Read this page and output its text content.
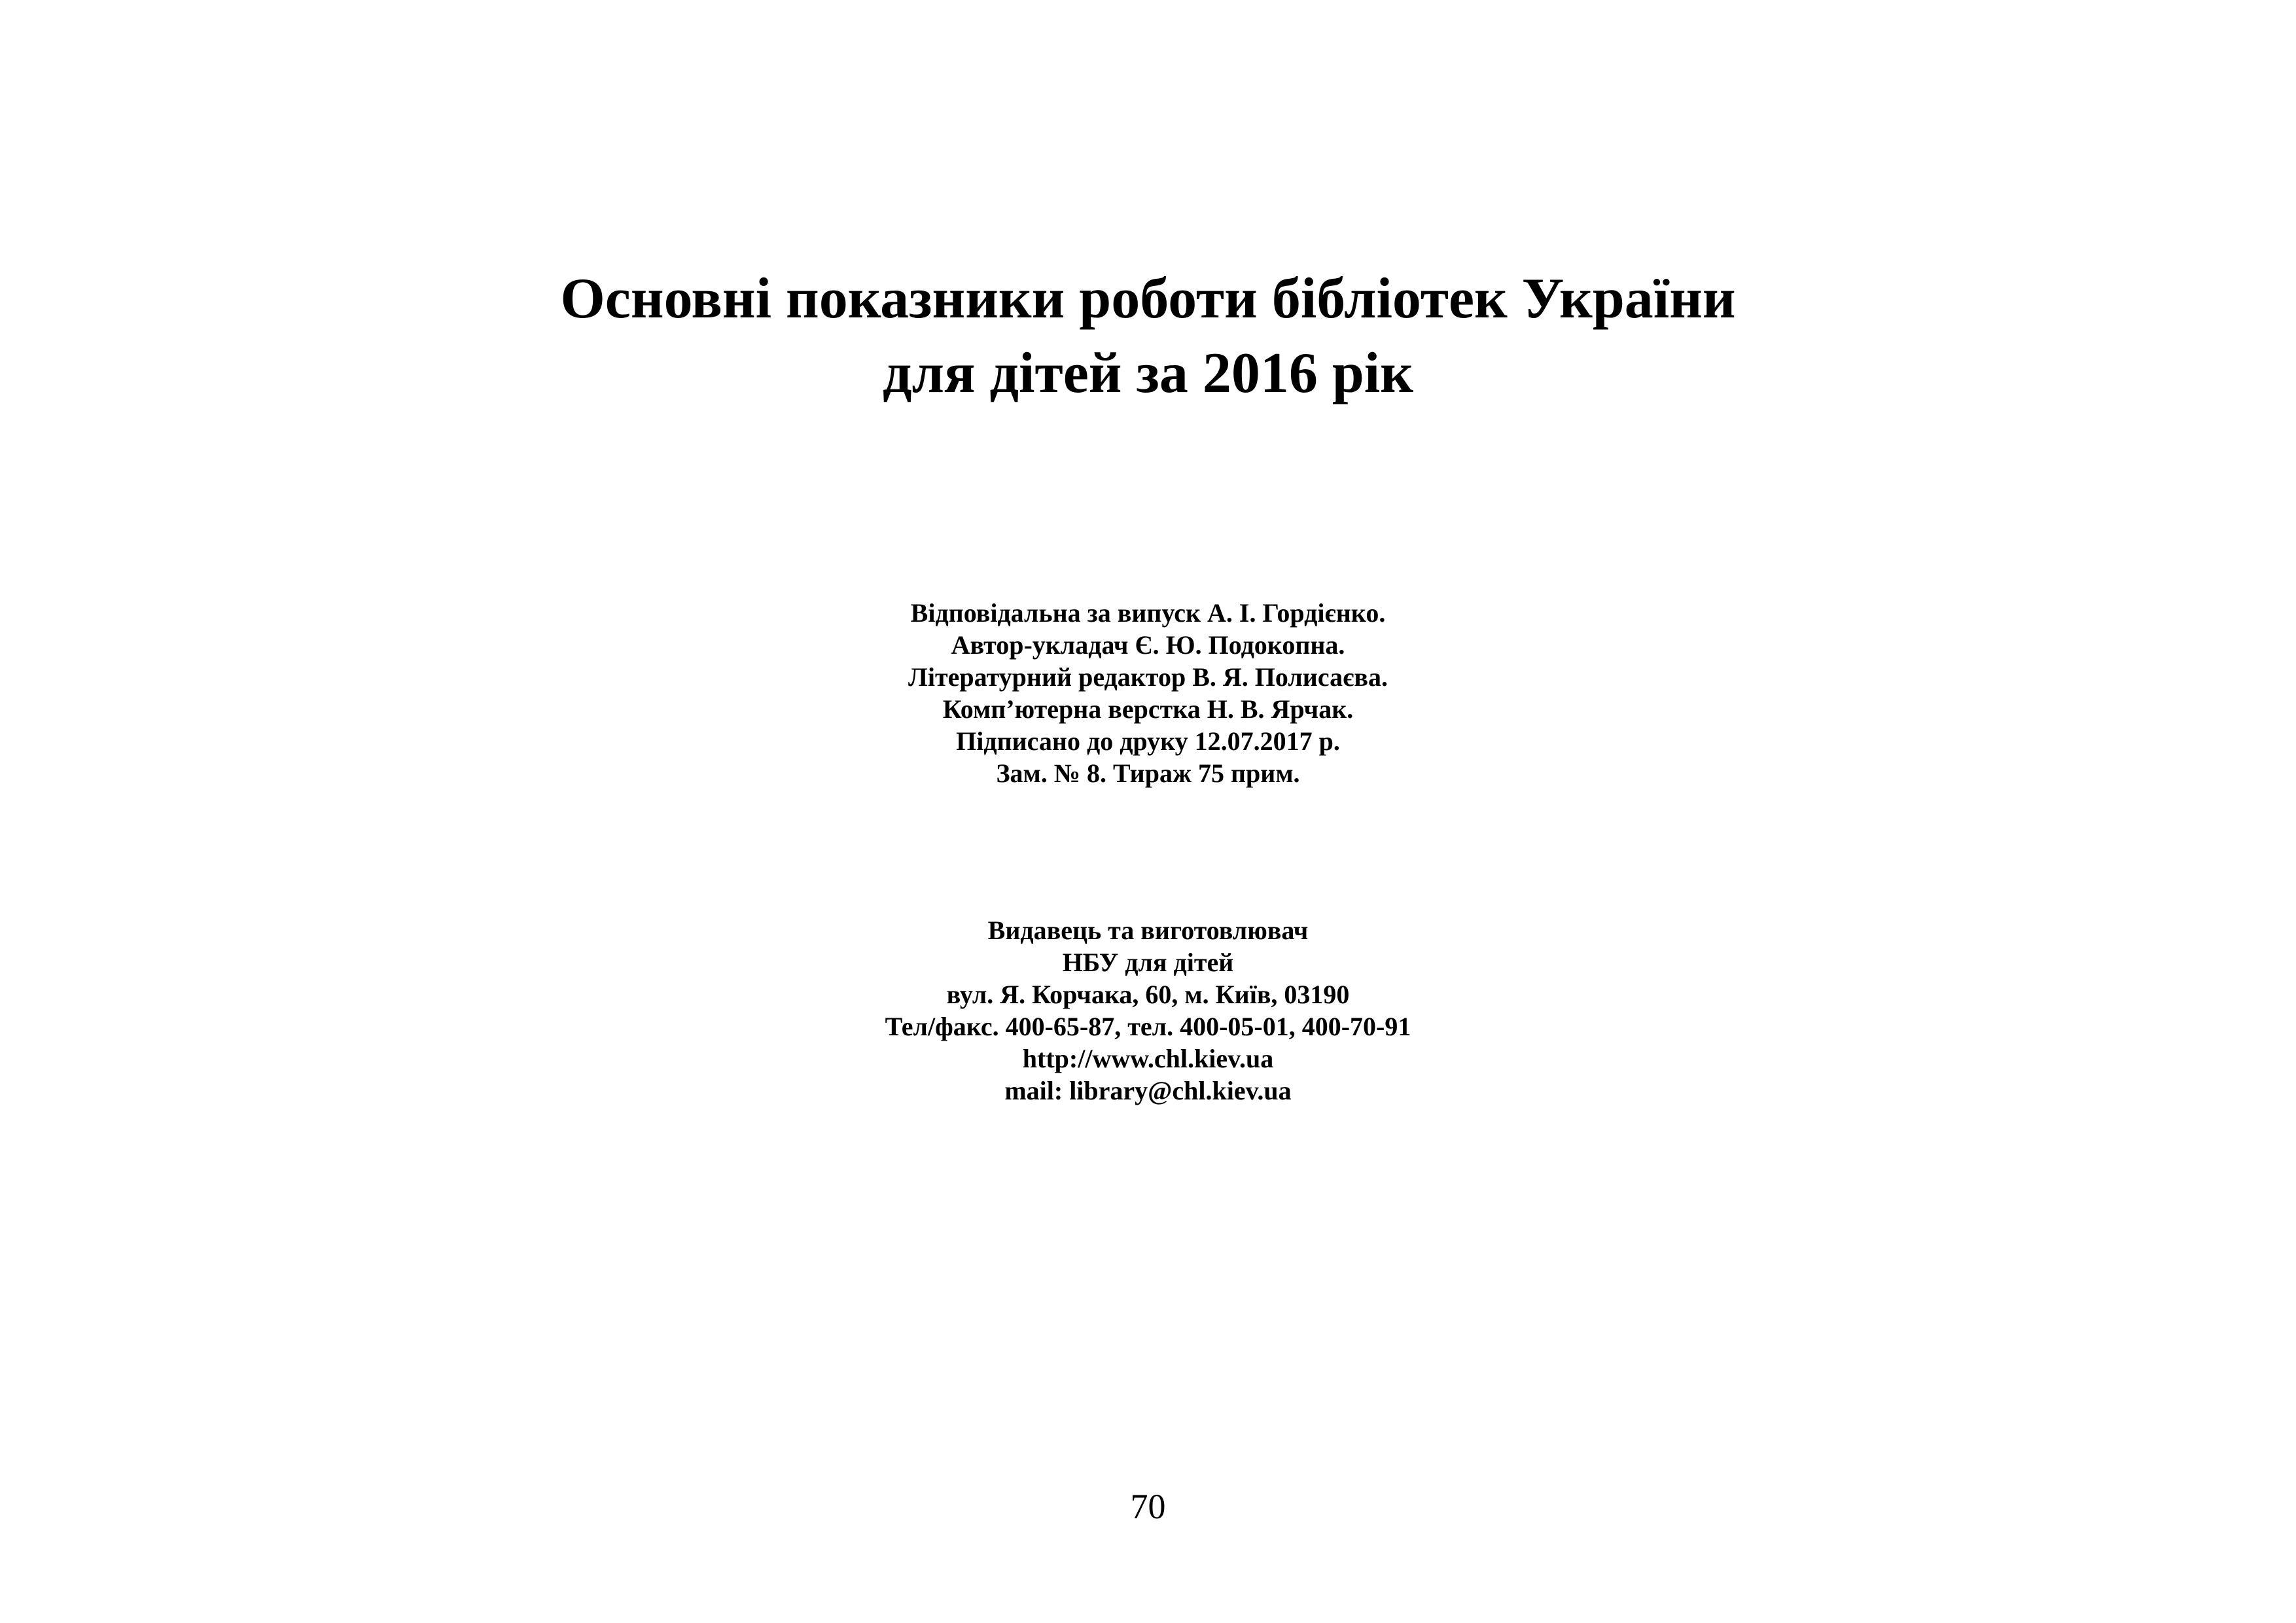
Основні показники роботи бібліотек України
для дітей за 2016 рік
Відповідальна за випуск А. І. Гордієнко.
Автор-укладач Є. Ю. Подокопна.
Літературний редактор В. Я. Полисаєва.
Комп’ютерна верстка Н. В. Ярчак.
Підписано до друку 12.07.2017 р.
Зам. № 8. Тираж 75 прим.
Видавець та виготовлювач
НБУ для дітей
вул. Я. Корчака, 60, м. Київ, 03190
Тел/факс. 400-65-87, тел. 400-05-01, 400-70-91
http://www.chl.kiev.ua
mail: library@chl.kiev.ua
70
